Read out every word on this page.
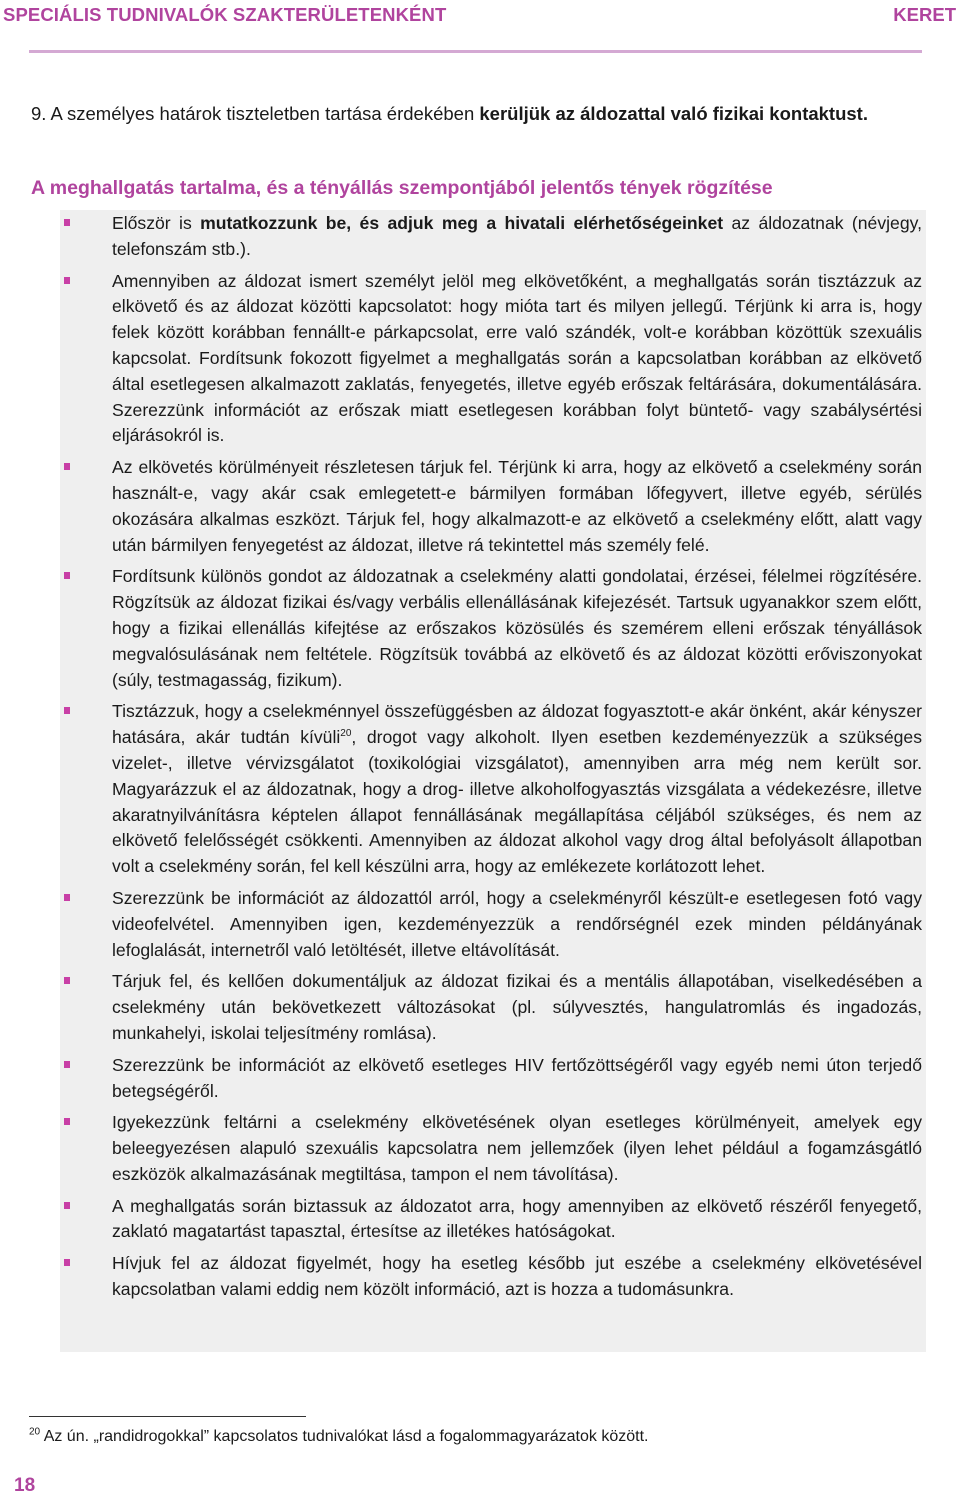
SPECIÁLIS TUDNIVALÓK SZAKTERÜLETENKÉNT	KERET
9. A személyes határok tiszteletben tartása érdekében kerüljük az áldozattal való fizikai kontaktust.
A meghallgatás tartalma, és a tényállás szempontjából jelentős tények rögzítése
Először is mutatkozzunk be, és adjuk meg a hivatali elérhetőségeinket az áldozatnak (névjegy, telefonszám stb.).
Amennyiben az áldozat ismert személyt jelöl meg elkövetőként, a meghallgatás során tisztázzuk az elkövető és az áldozat közötti kapcsolatot: hogy mióta tart és milyen jellegű. Térjünk ki arra is, hogy felek között korábban fennállt-e párkapcsolat, erre való szándék, volt-e korábban közöttük szexuális kapcsolat. Fordítsunk fokozott figyelmet a meghallgatás során a kapcsolatban korábban az elkövető által esetlegesen alkalmazott zaklatás, fenyegetés, illetve egyéb erőszak feltárására, dokumentálására. Szerezzünk információt az erőszak miatt esetlegesen korábban folyt büntető- vagy szabálysértési eljárásokról is.
Az elkövetés körülményeit részletesen tárjuk fel. Térjünk ki arra, hogy az elkövető a cselekmény során használt-e, vagy akár csak emlegetett-e bármilyen formában lőfegyvert, illetve egyéb, sérülés okozására alkalmas eszközt. Tárjuk fel, hogy alkalmazott-e az elkövető a cselekmény előtt, alatt vagy után bármilyen fenyegetést az áldozat, illetve rá tekintettel más személy felé.
Fordítsunk különös gondot az áldozatnak a cselekmény alatti gondolatai, érzései, félelmei rögzítésére. Rögzítsük az áldozat fizikai és/vagy verbális ellenállásának kifejezését. Tartsuk ugyanakkor szem előtt, hogy a fizikai ellenállás kifejtése az erőszakos közösülés és szemérem elleni erőszak tényállások megvalósulásának nem feltétele. Rögzítsük továbbá az elkövető és az áldozat közötti erőviszonyokat (súly, testmagasság, fizikum).
Tisztázzuk, hogy a cselekménnyel összefüggésben az áldozat fogyasztott-e akár önként, akár kényszer hatására, akár tudtán kívüli$^{20}$, drogot vagy alkoholt. Ilyen esetben kezdeményezzük a szükséges vizelet-, illetve vérvizsgálatot (toxikológiai vizsgálatot), amennyiben arra még nem került sor. Magyarázzuk el az áldozatnak, hogy a drog- illetve alkoholfogyasztás vizsgálata a védekezésre, illetve akaratnyilvánításra képtelen állapot fennállásának megállapítása céljából szükséges, és nem az elkövető felelősségét csökkenti. Amennyiben az áldozat alkohol vagy drog által befolyásolt állapotban volt a cselekmény során, fel kell készülni arra, hogy az emlékezete korlátozott lehet.
Szerezzünk be információt az áldozattól arról, hogy a cselekményről készült-e esetlegesen fotó vagy videofelvétel. Amennyiben igen, kezdeményezzük a rendőrségnél ezek minden példányának lefoglalását, internetről való letöltését, illetve eltávolítását.
Tárjuk fel, és kellően dokumentáljuk az áldozat fizikai és a mentális állapotában, viselkedésében a cselekmény után bekövetkezett változásokat (pl. súlyvesztés, hangulatromlás és ingadozás, munkahelyi, iskolai teljesítmény romlása).
Szerezzünk be információt az elkövető esetleges HIV fertőzöttségéről vagy egyéb nemi úton terjedő betegségéről.
Igyekezzünk feltárni a cselekmény elkövetésének olyan esetleges körülményeit, amelyek egy beleegyezésen alapuló szexuális kapcsolatra nem jellemzőek (ilyen lehet például a fogamzásgátló eszközök alkalmazásának megtiltása, tampon el nem távolítása).
A meghallgatás során biztassuk az áldozatot arra, hogy amennyiben az elkövető részéről fenyegető, zaklató magatartást tapasztal, értesítse az illetékes hatóságokat.
Hívjuk fel az áldozat figyelmét, hogy ha esetleg később jut eszébe a cselekmény elkövetésével kapcsolatban valami eddig nem közölt információ, azt is hozza a tudomásunkra.
$^{20}$ Az ún. „randidrogokkal” kapcsolatos tudnivalókat lásd a fogalommagyarázatok között.
18
